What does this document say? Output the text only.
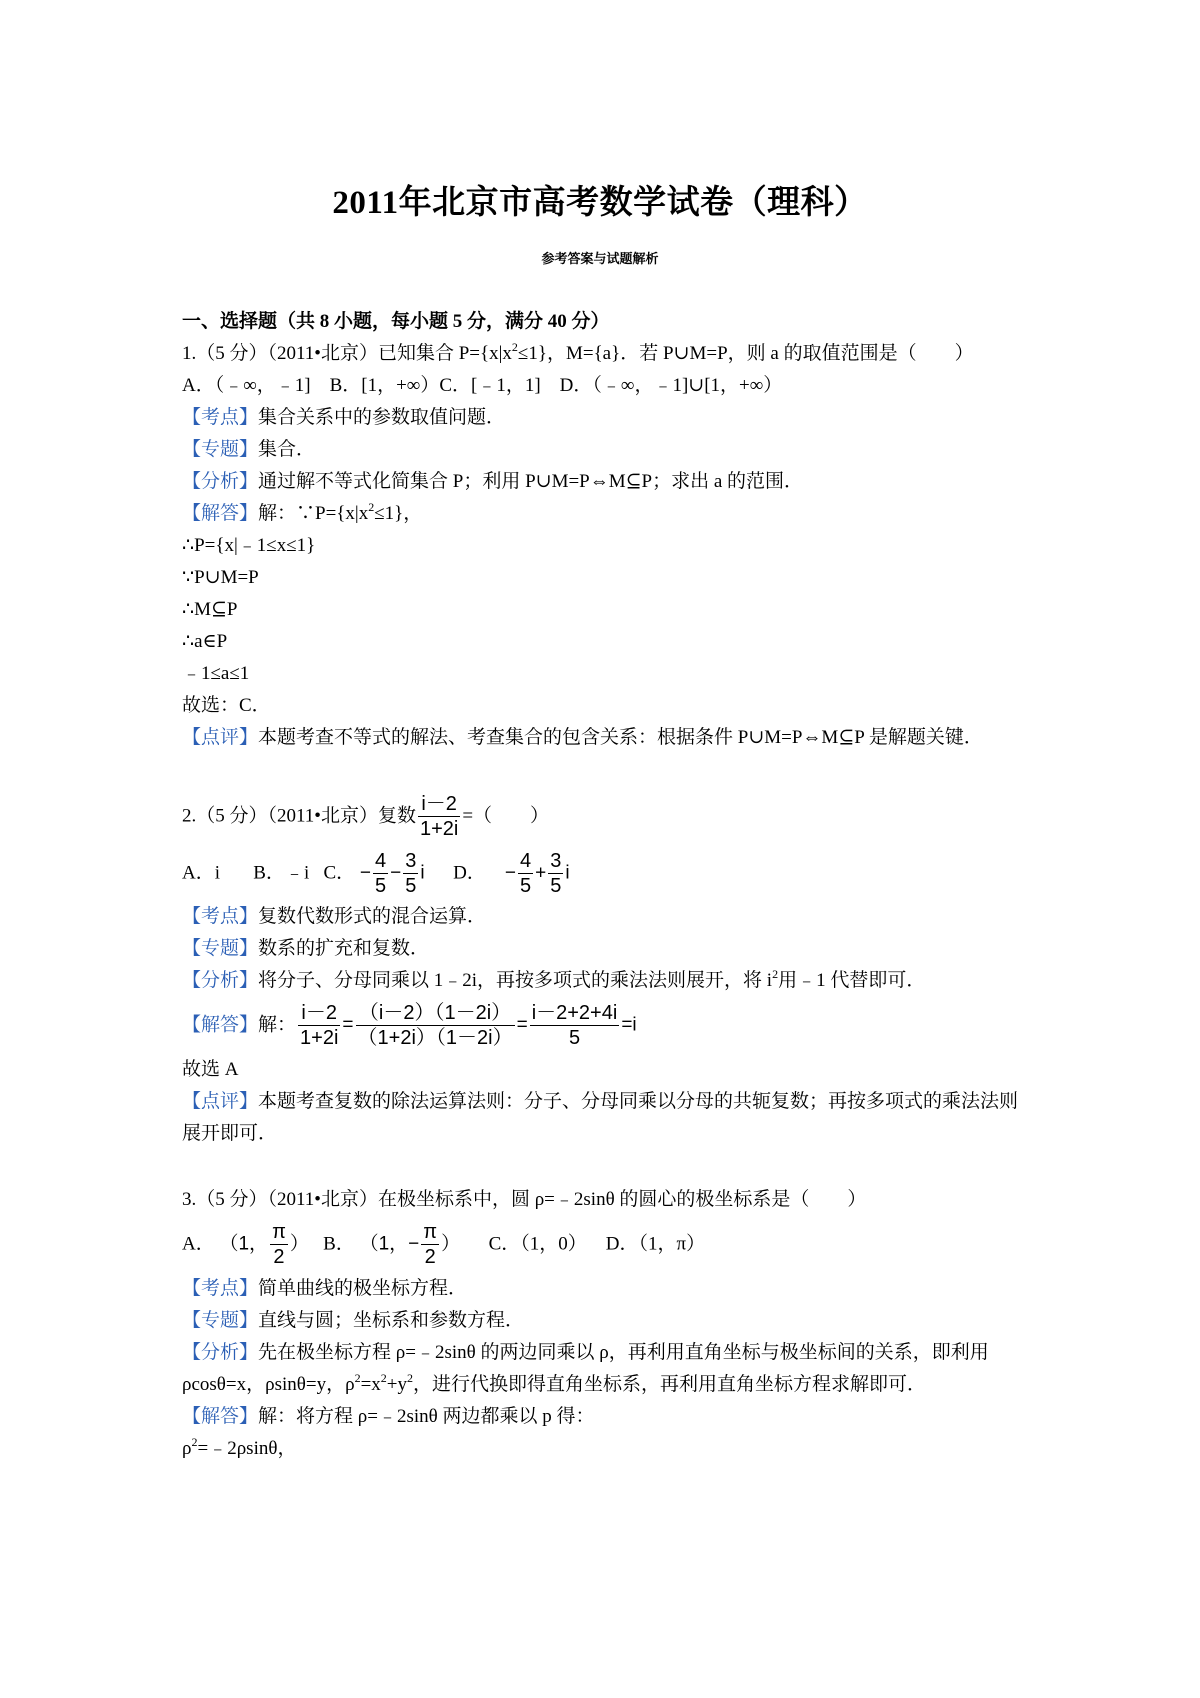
2011年北京市高考数学试卷（理科）
参考答案与试题解析
一、选择题（共 8 小题，每小题 5 分，满分 40 分）
1.（5 分）（2011•北京）已知集合 $P=\{x|x^2\le 1\}$，M={a}．若 P∪M=P，则 a 的取值范围是（　　）
A．（﹣∞，﹣1]　B．[1，+∞）C．[﹣1，1]　D．（﹣∞，﹣1]∪[1，+∞）
【考点】集合关系中的参数取值问题．
【专题】集合．
【分析】通过解不等式化简集合 P；利用 P∪M=P⇔M⊆P；求出 a 的范围．
【解答】解：$\because P=\{x|x^2\le 1\}$，
∴P={x|﹣1≤x≤1}
∵P∪M=P
∴M⊆P
∴a∈P
﹣1≤a≤1
故选：C．
【点评】本题考查不等式的解法、考查集合的包含关系：根据条件 P∪M=P⇔M⊆P 是解题关键．
2.（5 分）（2011•北京）复数 $\frac{i-2}{1+2i}$ =（　　）
A．i B．﹣i C． − $\frac{4}{5} - \frac{3}{5}$ i D． − $\frac{4}{5} + \frac{3}{5}$ i
【考点】复数代数形式的混合运算．
【专题】数系的扩充和复数．
【分析】将分子、分母同乘以 1﹣2i，再按多项式的乘法法则展开，将 $i^2$用﹣1 代替即可．
【解答】解： $\frac{i-2}{1+2i} = \frac{(i-2)(1-2i)}{(1+2i)(1-2i)} = \frac{i-2+2+4i}{5} =i$
故选 A
【点评】本题考查复数的除法运算法则：分子、分母同乘以分母的共轭复数；再按多项式的乘法法则展开即可．
3.（5 分）（2011•北京）在极坐标系中，圆 ρ=﹣2sinθ 的圆心的极坐标系是（　　）
A． （1， $\frac{\pi}{2}$ ） B． （1，− $\frac{\pi}{2}$ ） C．（1，0） D．（1，π）
【考点】简单曲线的极坐标方程．
【专题】直线与圆；坐标系和参数方程．
【分析】先在极坐标方程 ρ=﹣2sinθ 的两边同乘以 ρ，再利用直角坐标与极坐标间的关系，即利用 ρcosθ=x，ρsinθ=y，$\rho^2=x^2+y^2$，进行代换即得直角坐标系，再利用直角坐标方程求解即可．
【解答】解：将方程 ρ=﹣2sinθ 两边都乘以 p 得：
$\rho^2=﹣2\rho\sin\theta$，
